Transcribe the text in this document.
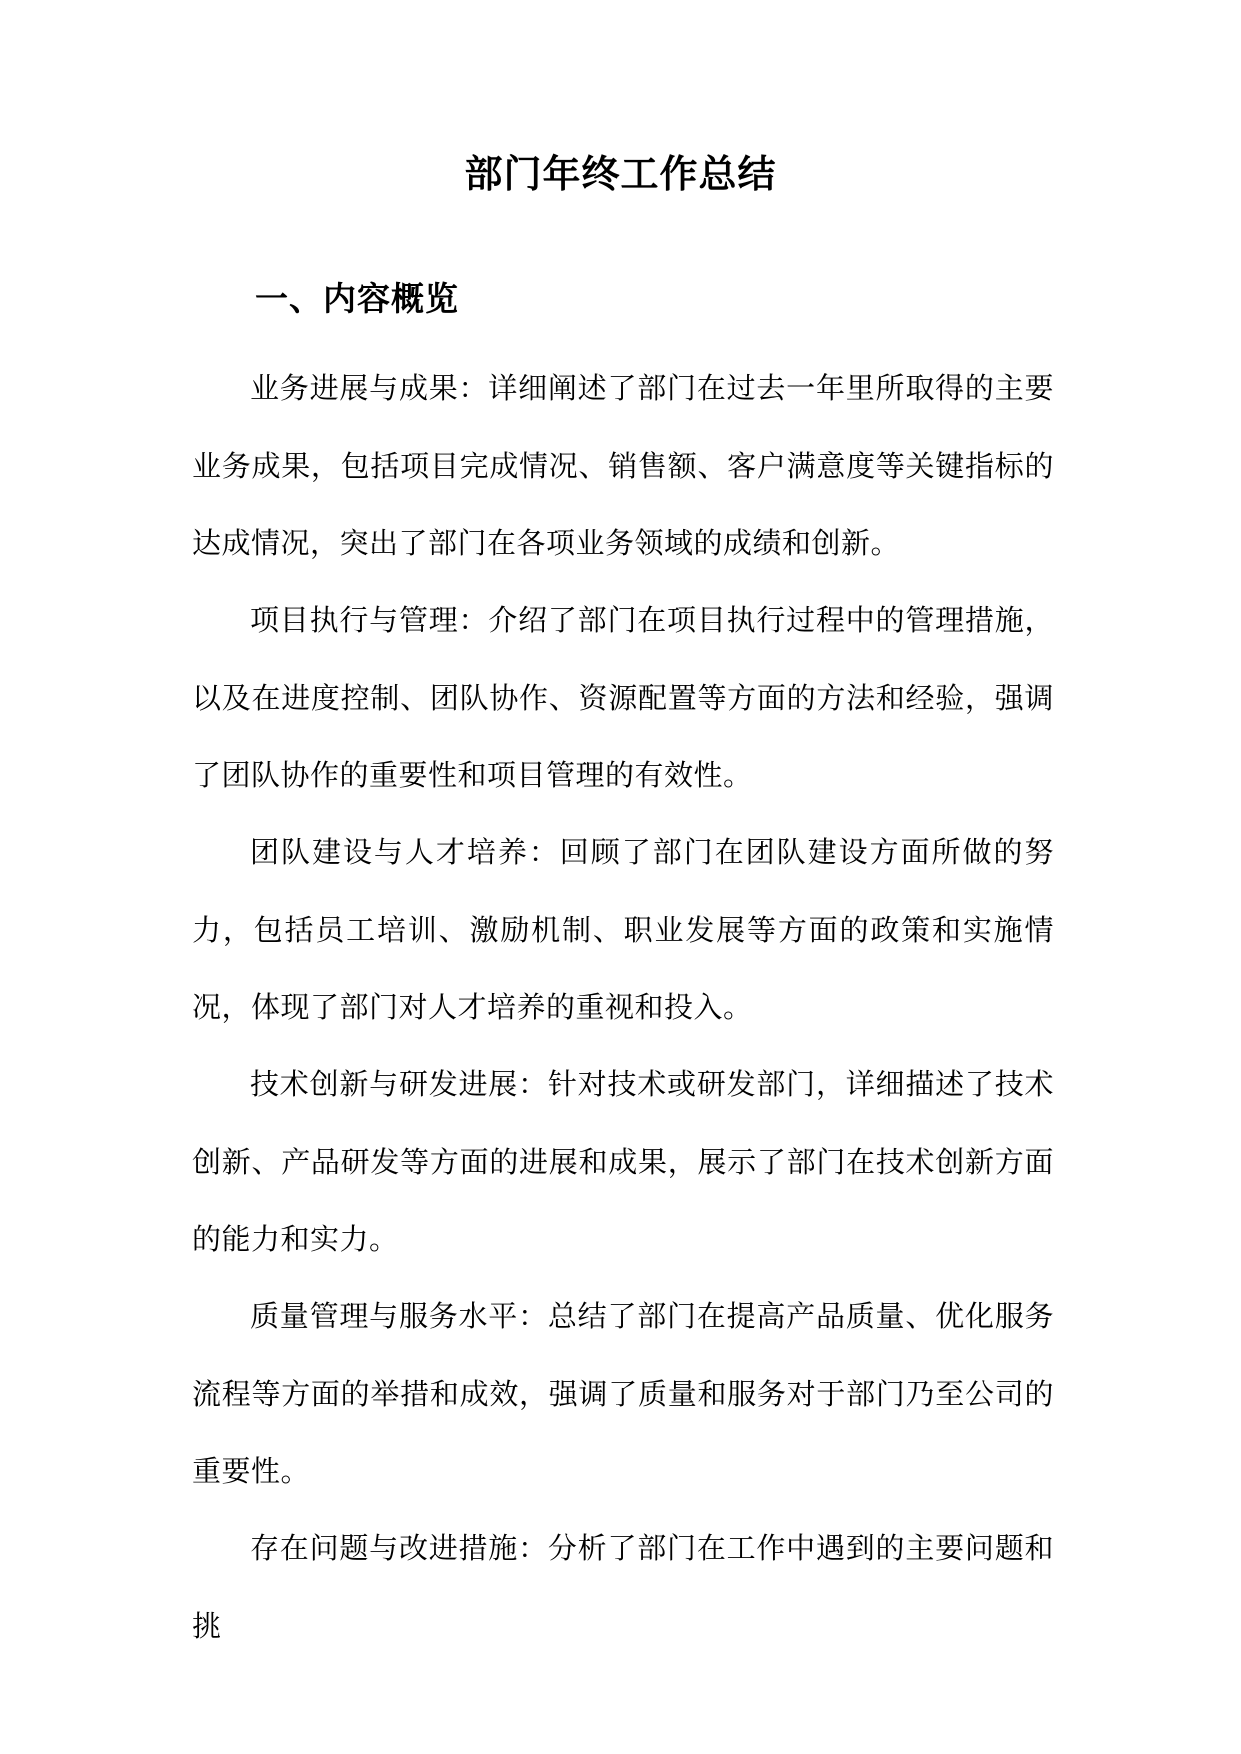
部门年终工作总结
一、内容概览

业务进展与成果：详细阐述了部门在过去一年里所取得的主要业务成果，包括项目完成情况、销售额、客户满意度等关键指标的达成情况，突出了部门在各项业务领域的成绩和创新。

项目执行与管理：介绍了部门在项目执行过程中的管理措施，以及在进度控制、团队协作、资源配置等方面的方法和经验，强调了团队协作的重要性和项目管理的有效性。

团队建设与人才培养：回顾了部门在团队建设方面所做的努力，包括员工培训、激励机制、职业发展等方面的政策和实施情况，体现了部门对人才培养的重视和投入。

技术创新与研发进展：针对技术或研发部门，详细描述了技术创新、产品研发等方面的进展和成果，展示了部门在技术创新方面的能力和实力。

质量管理与服务水平：总结了部门在提高产品质量、优化服务流程等方面的举措和成效，强调了质量和服务对于部门乃至公司的重要性。

存在问题与改进措施：分析了部门在工作中遇到的主要问题和挑
